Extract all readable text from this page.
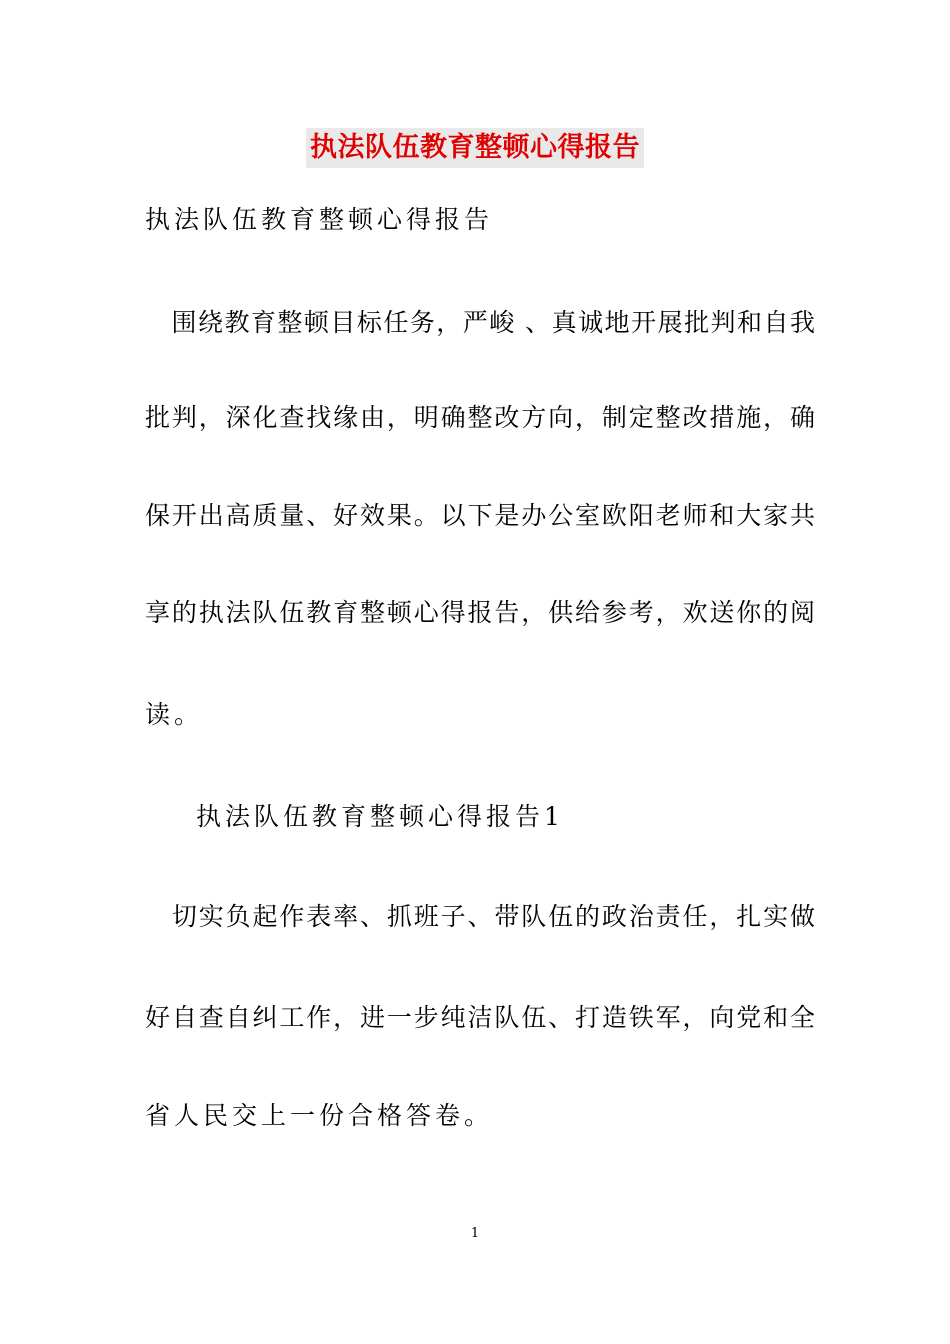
执法队伍教育整顿心得报告
执法队伍教育整顿心得报告
　围绕教育整顿目标任务，严峻 、真诚地开展批判和自我
批判，深化查找缘由，明确整改方向，制定整改措施，确
保开出高质量、好效果。以下是办公室欧阳老师和大家共
享的执法队伍教育整顿心得报告，供给参考，欢送你的阅
读。
执法队伍教育整顿心得报告1
　切实负起作表率、抓班子、带队伍的政治责任，扎实做
好自查自纠工作，进一步纯洁队伍、打造铁军，向党和全
省人民交上一份合格答卷。
1
